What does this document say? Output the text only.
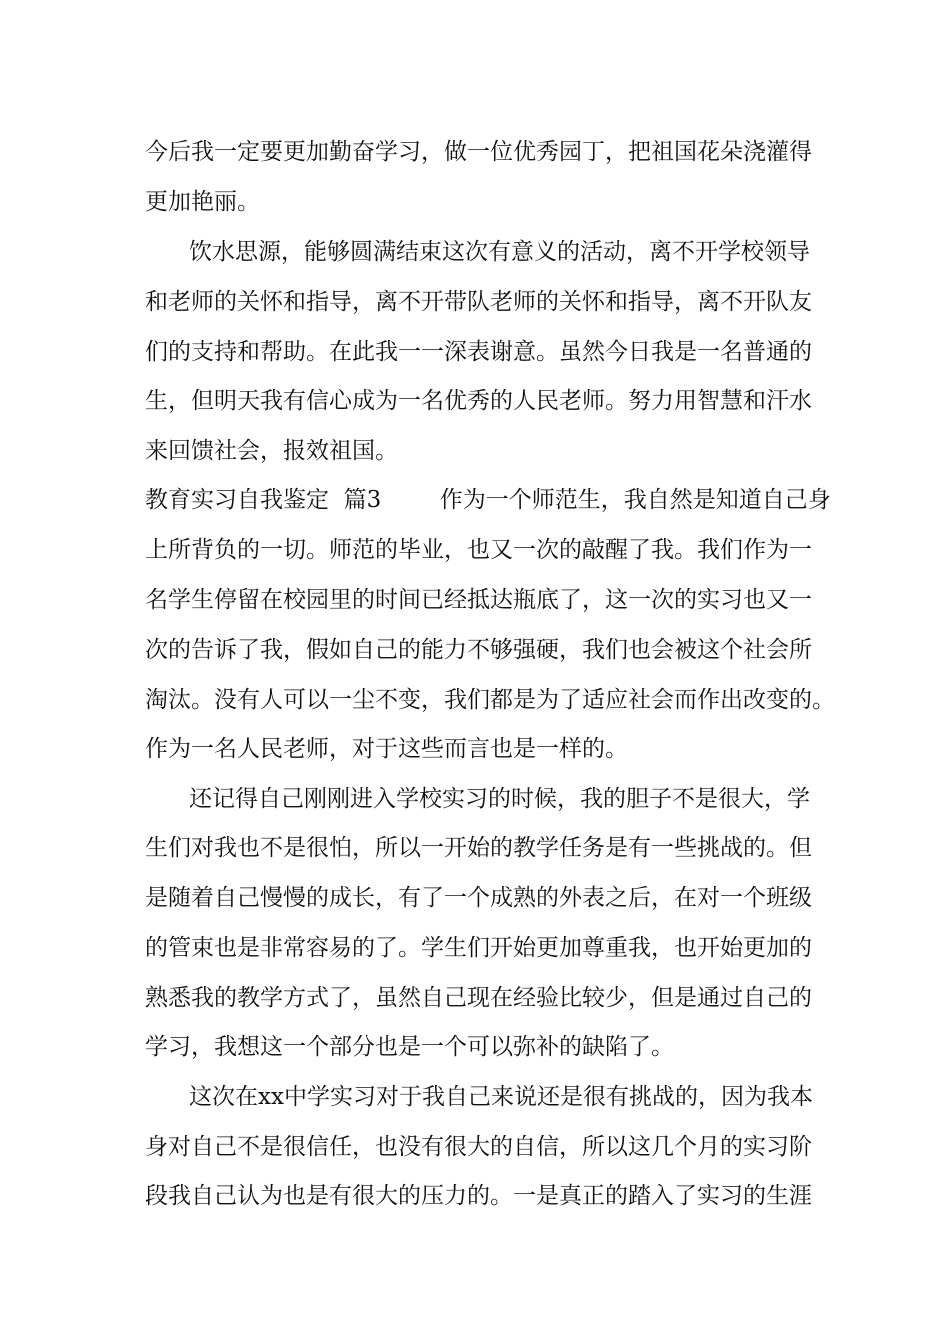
今后我一定要更加勤奋学习，做一位优秀园丁，把祖国花朵浇灌得
更加艳丽。
饮水思源，能够圆满结束这次有意义的活动，离不开学校领导
和老师的关怀和指导，离不开带队老师的关怀和指导，离不开队友
们的支持和帮助。在此我一一深表谢意。虽然今日我是一名普通的
生，但明天我有信心成为一名优秀的人民老师。努力用智慧和汗水
来回馈社会，报效祖国。
教育实习自我鉴定  篇3        作为一个师范生，我自然是知道自己身
上所背负的一切。师范的毕业，也又一次的敲醒了我。我们作为一
名学生停留在校园里的时间已经抵达瓶底了，这一次的实习也又一
次的告诉了我，假如自己的能力不够强硬，我们也会被这个社会所
淘汰。没有人可以一尘不变，我们都是为了适应社会而作出改变的。
作为一名人民老师，对于这些而言也是一样的。
还记得自己刚刚进入学校实习的时候，我的胆子不是很大，学
生们对我也不是很怕，所以一开始的教学任务是有一些挑战的。但
是随着自己慢慢的成长，有了一个成熟的外表之后，在对一个班级
的管束也是非常容易的了。学生们开始更加尊重我，也开始更加的
熟悉我的教学方式了，虽然自己现在经验比较少，但是通过自己的
学习，我想这一个部分也是一个可以弥补的缺陷了。
这次在xx中学实习对于我自己来说还是很有挑战的，因为我本
身对自己不是很信任，也没有很大的自信，所以这几个月的实习阶
段我自己认为也是有很大的压力的。一是真正的踏入了实习的生涯
